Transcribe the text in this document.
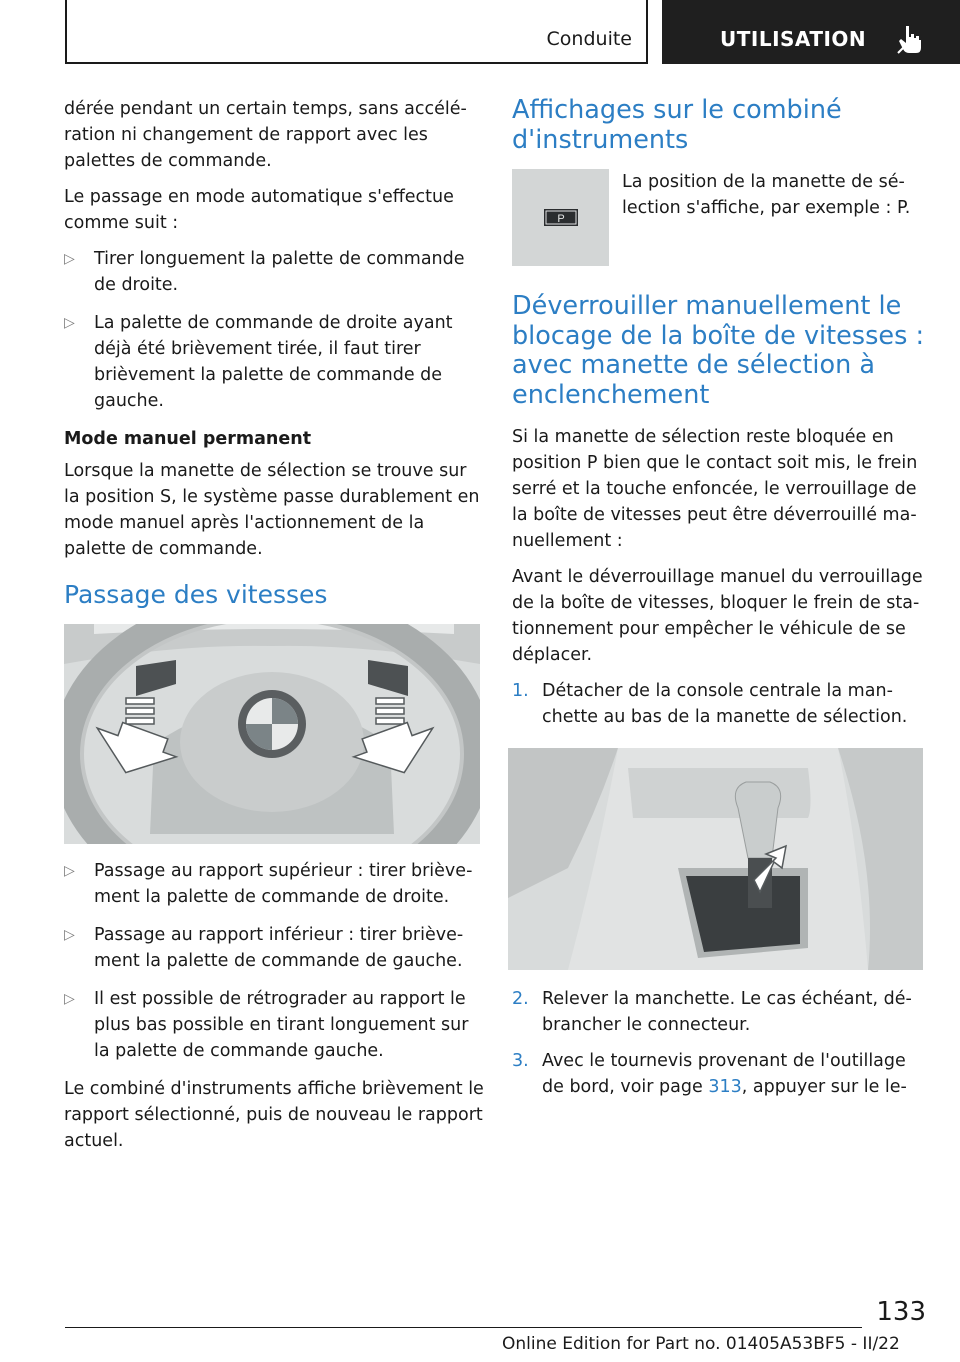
Conduite	UTILISATION

dérée pendant un certain temps, sans accélération ni changement de rapport avec les palettes de commande.

Le passage en mode automatique s'effectue comme suit :

▷ Tirer longuement la palette de commande de droite.
▷ La palette de commande de droite ayant déjà été brièvement tirée, il faut tirer brièvement la palette de commande de gauche.
Mode manuel permanent

Lorsque la manette de sélection se trouve sur la position S, le système passe durablement en mode manuel après l'actionnement de la palette de commande.

Passage des vitesses
▷ Passage au rapport supérieur : tirer brièvement la palette de commande de droite.
▷ Passage au rapport inférieur : tirer brièvement la palette de commande de gauche.
▷ Il est possible de rétrograder au rapport le plus bas possible en tirant longuement sur la palette de commande gauche.

Le combiné d'instruments affiche brièvement le rapport sélectionné, puis de nouveau le rapport actuel.

Affichages sur le combiné d'instruments
P

La position de la manette de sélection s'affiche, par exemple : P.

Déverrouiller manuellement le blocage de la boîte de vitesses : avec manette de sélection à enclenchement

Si la manette de sélection reste bloquée en position P bien que le contact soit mis, le frein serré et la touche enfoncée, le verrouillage de la boîte de vitesses peut être déverrouillé manuellement :

Avant le déverrouillage manuel du verrouillage de la boîte de vitesses, bloquer le frein de stationnement pour empêcher le véhicule de se déplacer.

1. Détacher de la console centrale la manchette au bas de la manette de sélection.
2. Relever la manchette. Le cas échéant, débrancher le connecteur.
3. Avec le tournevis provenant de l'outillage de bord, voir page 313, appuyer sur le le-
133
Online Edition for Part no. 01405A53BF5 - II/22
